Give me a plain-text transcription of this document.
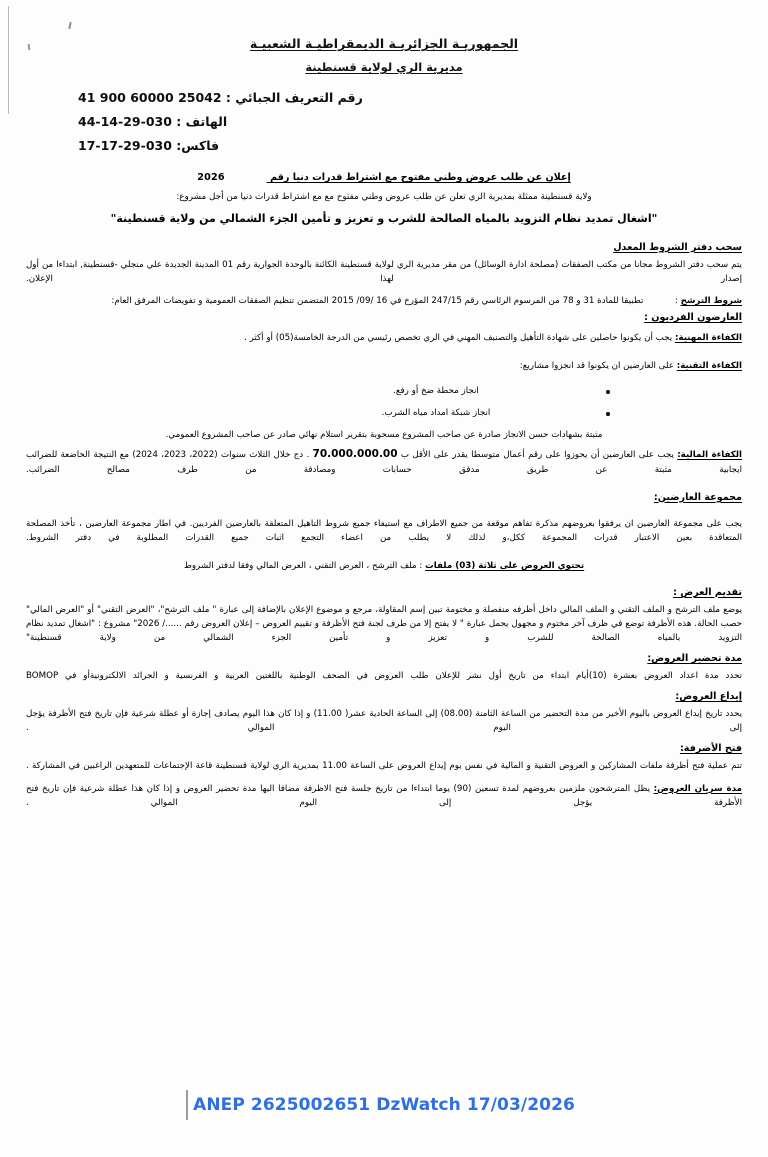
الجمهوريـة الجزائريـة الديمقراطيـة الشعبيـة
مديرية الري لولاية قسنطينة
رقم التعريف الجبائي : 25042 60000 900 41
الهاتف : 030-29-14-44
فاكس: 030-29-17-17
إعلان عن طلب عروض وطني مفتوح مع اشتراط قدرات دنيا رقم 2026
ولاية قسنطينة ممثلة بمديرية الري تعلن عن طلب عروض وطني مفتوح مع مع اشتراط قدرات دنيا من أجل مشروع:
"اشغال تمديد نظام التزويد بالمياه الصالحة للشرب و تعزيز و تأمين الجزء الشمالي من ولاية قسنطينة"
سحب دفتر الشروط المعدل
يتم سحب دفتر الشروط مجانا من مكتب الصفقات (مصلحة ادارة الوسائل) من مقر مديرية الري لولاية قسنطينة الكائنة بالوحدة الجوارية رقم 01 المدينة الجديدة علي منجلي -قسنطينة, ابتداءا من أول إصدار لهذا الإعلان.
شروط الترشح :  تطبيقا للمادة 31 و 78 من المرسوم الرئاسي رقم 247/15 المؤرخ في 16 /09/ 2015 المتضمن تنظيم الصفقات العمومية و تفويضات المرفق العام:
العارضون الفرديون :
الكفاءة المهنية: يجب أن يكونوا حاصلين على شهادة التأهيل والتصنيف المهني في الري تخصص رئيسي من الدرجة الخامسة(05) أو أكثر .
الكفاءة التقنية: على العارضين ان يكونوا قد انجزوا مشاريع:
انجاز محطة ضخ أو رفع.
انجاز شبكة امداد مياه الشرب.
مثبتة بشهادات حسن الانجاز صادرة عن صاحب المشروع مسحوبة بتقرير استلام نهائي صادر عن صاحب المشروع العمومي.
الكفاءة المالية: يجب على العارضين أن يحوزوا على رقم أعمال متوسطا يقدر على الأقل ب 70.000.000.00 . دج خلال الثلاث سنوات (2022، 2023، 2024) مع النتيجة الخاضعة للضرائب ايجابية مثبتة عن طريق مدقق حسابات ومصادقة من طرف مصالح الضرائب.
مجموعة العارضين:
يجب على مجموعة العارضين ان يرفقوا بعروضهم مذكرة تفاهم موقعة من جميع الاطراف مع استيفاء جميع شروط التاهيل المتعلقة بالعارضين الفرديين. في اطار مجموعة العارضين ، تأخذ المصلحة المتعاقدة بعين الاعتبار قدرات المجموعة ككل،و لذلك لا يطلب من اعضاء التجمع اثبات جميع القدرات المطلوبة في دفتر الشروط.
تحتوي العروض على ثلاثة (03) ملفات : ملف الترشح ، العرض التقني ، العرض المالي وفقا لدفتر الشروط
تقديم العرض :
يوضع ملف الترشح و الملف التقني و الملف المالي داخل أظرفه منفصلة و مختومة تبين إسم المقاولة، مرجع و موضوع الإعلان بالإضافة إلى عبارة " ملف الترشح"، "العرض التقني" أو "العرض المالي" حصب الحالة. هذه الأظرفة توضع في ظرف آخر مختوم و مجهول يحمل عبارة " لا يفتح إلا من طرف لجنة فتح الأظرفة و تقييم العروض – إعلان العروض رقم ....../ 2026" مشروع : "اشغال تمديد نظام التزويد بالمياه الصالحة للشرب و تعزيز و تأمين الجزء الشمالي من ولاية قسنطينة"
مدة تحضير العروض:
تحدد مدة اعداد العروض بعشرة (10)أيام ابتداء من تاريخ أول نشر للإعلان طلب العروض في الصحف الوطنية باللغتين العربية و الفرنسية و الجرائد الالكترونيةأو في BOMOP
إيداع العروض:
يحدد تاريخ إيداع العروض باليوم الأخير من مدة التحضير من الساعة الثامنة (08.00) إلى الساعة الحادية عشر( 11.00) و إذا كان هذا اليوم يصادف إجازة أو عطلة شرعية فإن تاريخ فتح الأظرفة يؤجل إلى اليوم الموالي .
فتح الأضرفة:
تتم عملية فتح أظرفة ملفات المشاركين و العروض التقنية و المالية في نفس يوم إيداع العروض على الساعة 11.00 بمديرية الري لولاية قسنطينة قاعة الإجتماعات للمتعهدين الراغبين في المشاركة .
مدة سريان العروض: يظل المترشحون ملزمين بعروضهم لمدة تسعين (90) يوما ابتداءا من تاريخ جلسة فتح الاظرفة مضافا اليها مدة تحضير العروض و إذا كان هذا عطلة شرعية فإن تاريخ فتح الأظرفة يؤجل إلى اليوم الموالي .
ANEP 2625002651 DzWatch 17/03/2026
